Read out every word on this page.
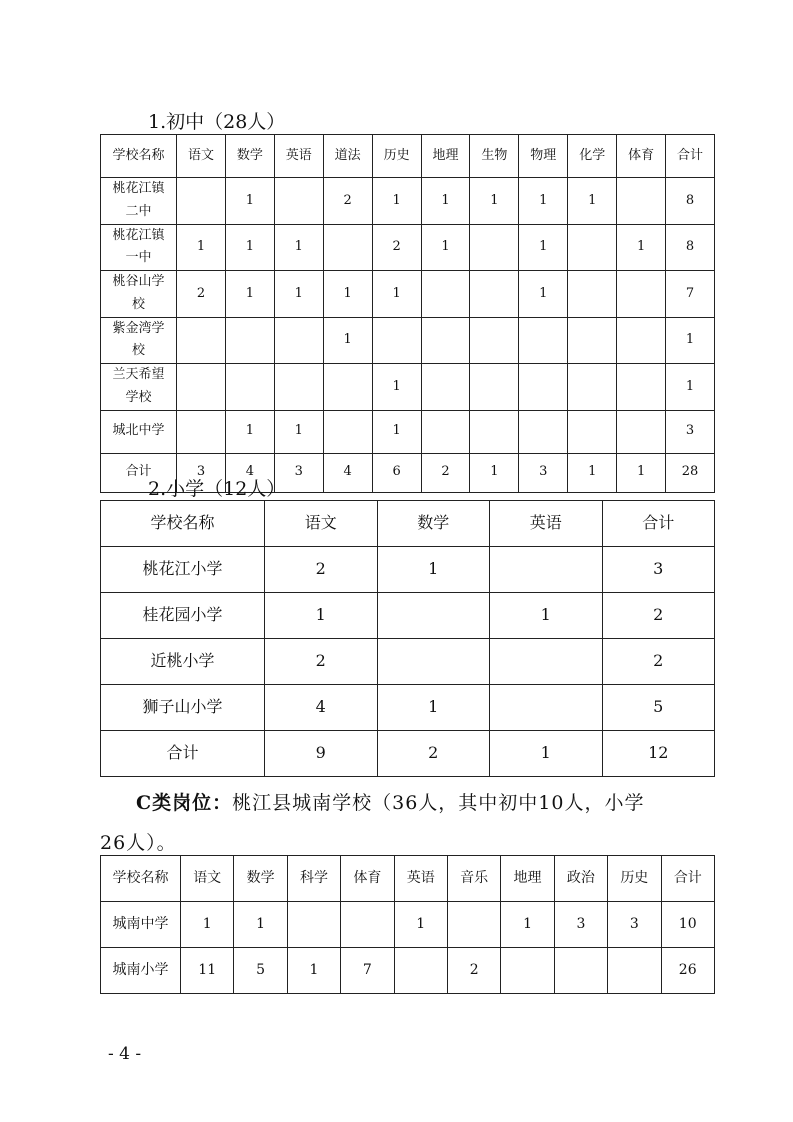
1.初中（28人）
学校名称	语文	数学	英语	道法	历史	地理	生物	物理	化学	体育	合计
桃花江镇二中		1		2	1	1	1	1	1		8
桃花江镇一中	1	1	1		2	1		1		1	8
桃谷山学校	2	1	1	1	1			1			7
紫金湾学校				1							1
兰天希望学校					1						1
城北中学		1	1		1						3
合计	3	4	3	4	6	2	1	3	1	1	28
2.小学（12人）
学校名称	语文	数学	英语	合计
桃花江小学	2	1		3
桂花园小学	1		1	2
近桃小学	2			2
狮子山小学	4	1		5
合计	9	2	1	12
C类岗位：桃江县城南学校（36人，其中初中10人，小学
26人）。
学校名称	语文	数学	科学	体育	英语	音乐	地理	政治	历史	合计
城南中学	1	1			1		1	3	3	10
城南小学	11	5	1	7		2				26
- 4 -
